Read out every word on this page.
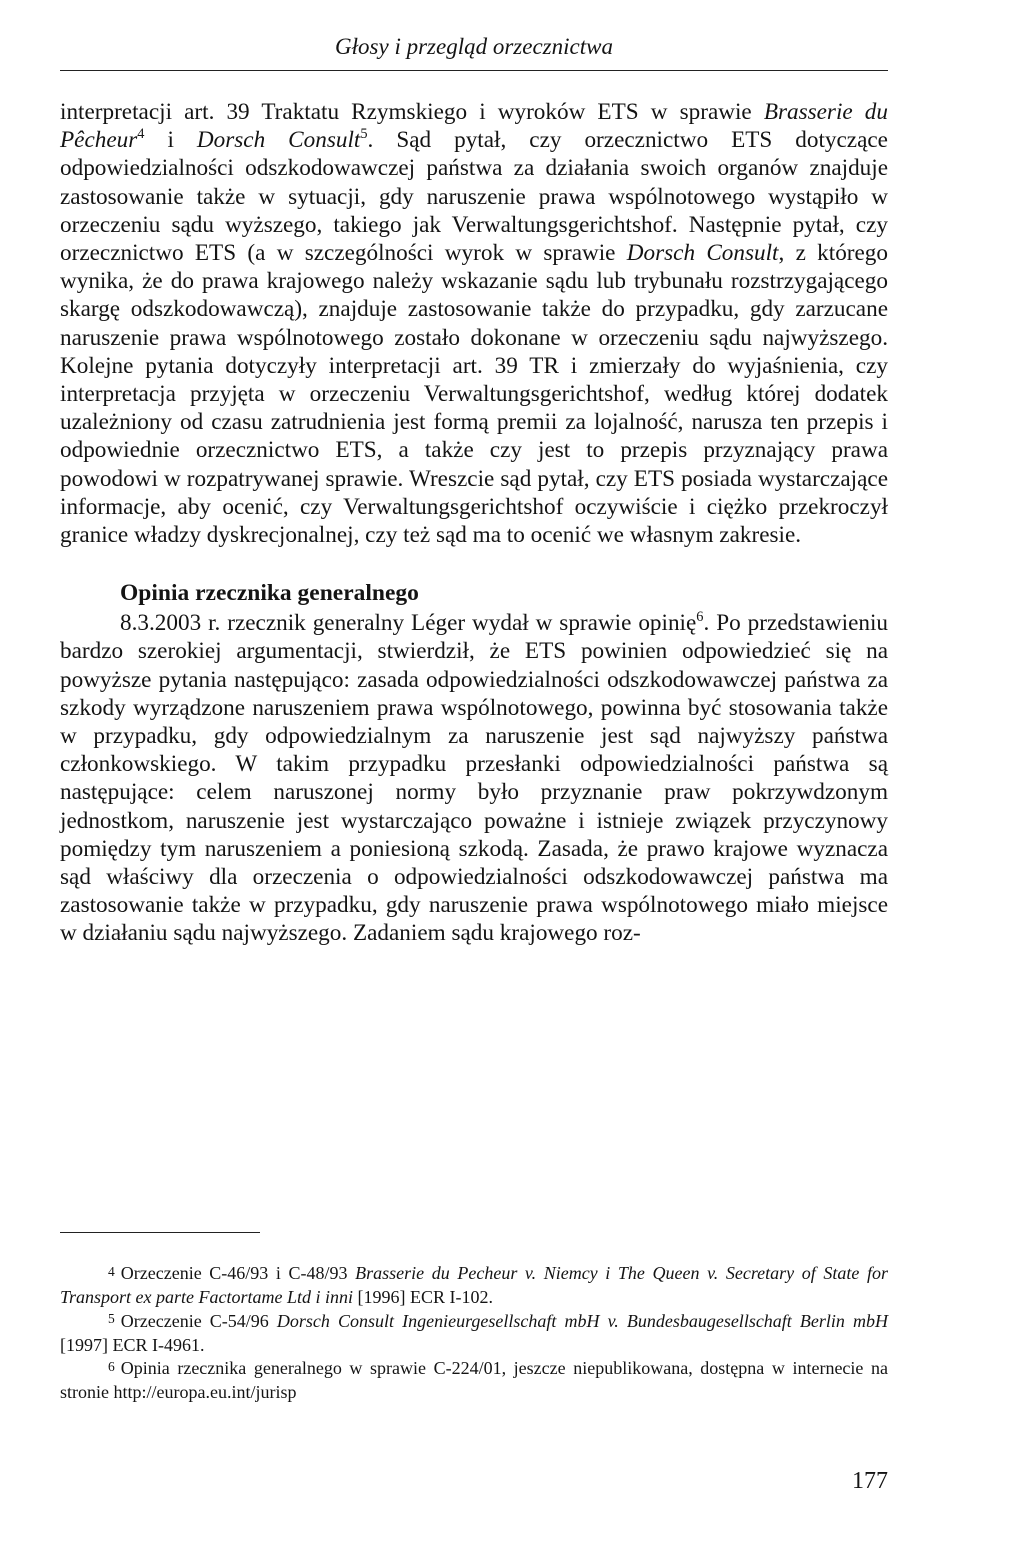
Głosy i przegląd orzecznictwa

interpretacji art. 39 Traktatu Rzymskiego i wyroków ETS w sprawie Brasserie du Pêcheur$^4$ i Dorsch Consult$^5$. Sąd pytał, czy orzecznictwo ETS dotyczące odpowiedzialności odszkodowawczej państwa za działania swoich organów znajduje zastosowanie także w sytuacji, gdy naruszenie prawa wspólnotowego wystąpiło w orzeczeniu sądu wyższego, takiego jak Verwaltungsgerichtshof. Następnie pytał, czy orzecznictwo ETS (a w szczególności wyrok w sprawie Dorsch Consult, z którego wynika, że do prawa krajowego należy wskazanie sądu lub trybunału rozstrzygającego skargę odszkodowawczą), znajduje zastosowanie także do przypadku, gdy zarzucane naruszenie prawa wspólnotowego zostało dokonane w orzeczeniu sądu najwyższego. Kolejne pytania dotyczyły interpretacji art. 39 TR i zmierzały do wyjaśnienia, czy interpretacja przyjęta w orzeczeniu Verwaltungsgerichtshof, według której dodatek uzależniony od czasu zatrudnienia jest formą premii za lojalność, narusza ten przepis i odpowiednie orzecznictwo ETS, a także czy jest to przepis przyznający prawa powodowi w rozpatrywanej sprawie. Wreszcie sąd pytał, czy ETS posiada wystarczające informacje, aby ocenić, czy Verwaltungsgerichtshof oczywiście i ciężko przekroczył granice władzy dyskrecjonalnej, czy też sąd ma to ocenić we własnym zakresie.

Opinia rzecznika generalnego

8.3.2003 r. rzecznik generalny Léger wydał w sprawie opinię$^6$. Po przedstawieniu bardzo szerokiej argumentacji, stwierdził, że ETS powinien odpowiedzieć się na powyższe pytania następująco: zasada odpowiedzialności odszkodowawczej państwa za szkody wyrządzone naruszeniem prawa wspólnotowego, powinna być stosowania także w przypadku, gdy odpowiedzialnym za naruszenie jest sąd najwyższy państwa członkowskiego. W takim przypadku przesłanki odpowiedzialności państwa są następujące: celem naruszonej normy było przyznanie praw pokrzywdzonym jednostkom, naruszenie jest wystarczająco poważne i istnieje związek przyczynowy pomiędzy tym naruszeniem a poniesioną szkodą. Zasada, że prawo krajowe wyznacza sąd właściwy dla orzeczenia o odpowiedzialności odszkodowawczej państwa ma zastosowanie także w przypadku, gdy naruszenie prawa wspólnotowego miało miejsce w działaniu sądu najwyższego. Zadaniem sądu krajowego roz-

4 Orzeczenie C-46/93 i C-48/93 Brasserie du Pecheur v. Niemcy i The Queen v. Secretary of State for Transport ex parte Factortame Ltd i inni [1996] ECR I-102.

5 Orzeczenie C-54/96 Dorsch Consult Ingenieurgesellschaft mbH v. Bundesbaugesellschaft Berlin mbH [1997] ECR I-4961.

6 Opinia rzecznika generalnego w sprawie C-224/01, jeszcze niepublikowana, dostępna w internecie na stronie http://europa.eu.int/jurisp

177
